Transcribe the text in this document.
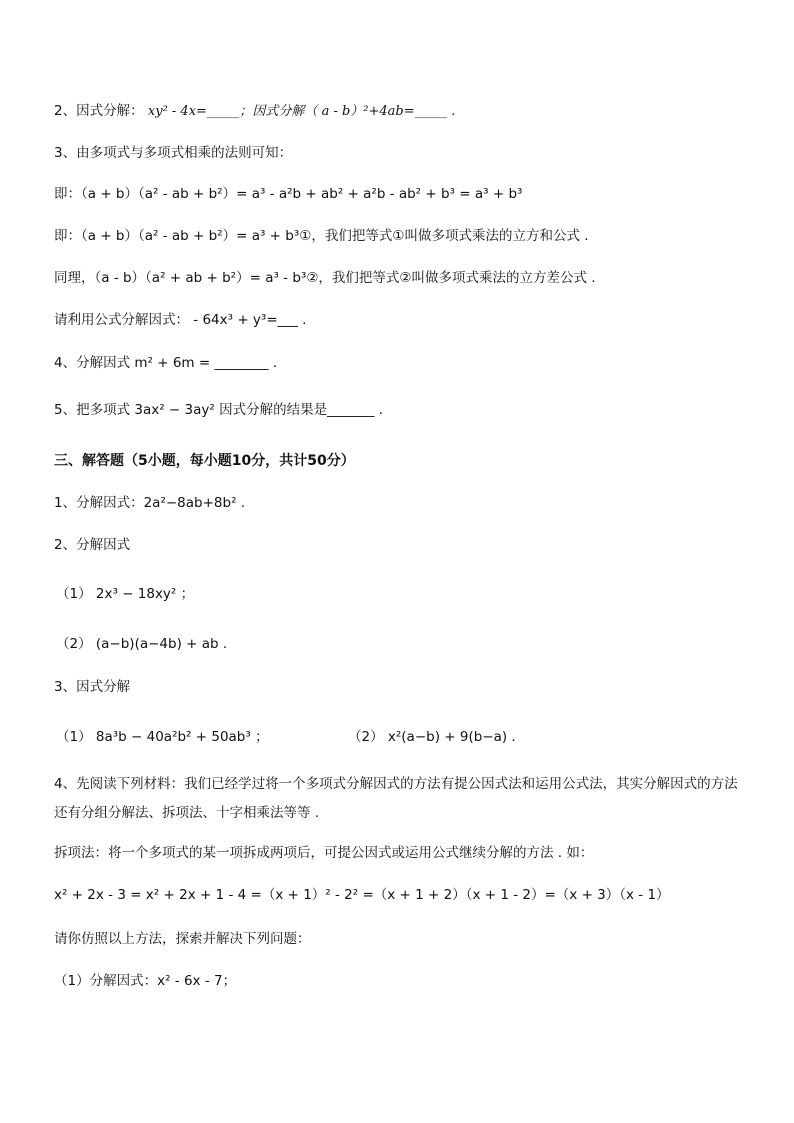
2、因式分解： xy² - 4x=_____；因式分解（ a - b）²+4ab=_____ .
3、由多项式与多项式相乘的法则可知：
即：（a + b）（a² - ab + b²）= a³ - a²b + ab² + a²b - ab² + b³ = a³ + b³
即：（a + b）（a² - ab + b²）= a³ + b³①，我们把等式①叫做多项式乘法的立方和公式 .
同理，（a - b）（a² + ab + b²）= a³ - b³②，我们把等式②叫做多项式乘法的立方差公式 .
请利用公式分解因式： - 64x³ + y³=___ .
4、分解因式 m² + 6m = ________ .
5、把多项式 3ax² − 3ay² 因式分解的结果是_______ .
三、解答题（5小题，每小题10分，共计50分）
1、分解因式：2a²−8ab+8b² .
2、分解因式
（1） 2x³ − 18xy² ；
（2） (a−b)(a−4b) + ab .
3、因式分解
（1） 8a³b − 40a²b² + 50ab³ ；	（2） x²(a−b) + 9(b−a) .
4、先阅读下列材料：我们已经学过将一个多项式分解因式的方法有提公因式法和运用公式法，其实分解因式的方法还有分组分解法、拆项法、十字相乘法等等 .
拆项法：将一个多项式的某一项拆成两项后，可提公因式或运用公式继续分解的方法 . 如：
x² + 2x - 3 = x² + 2x + 1 - 4 =（x + 1）² - 2² =（x + 1 + 2）（x + 1 - 2）=（x + 3）（x - 1）
请你仿照以上方法，探索并解决下列问题：
（1）分解因式：x² - 6x - 7；
